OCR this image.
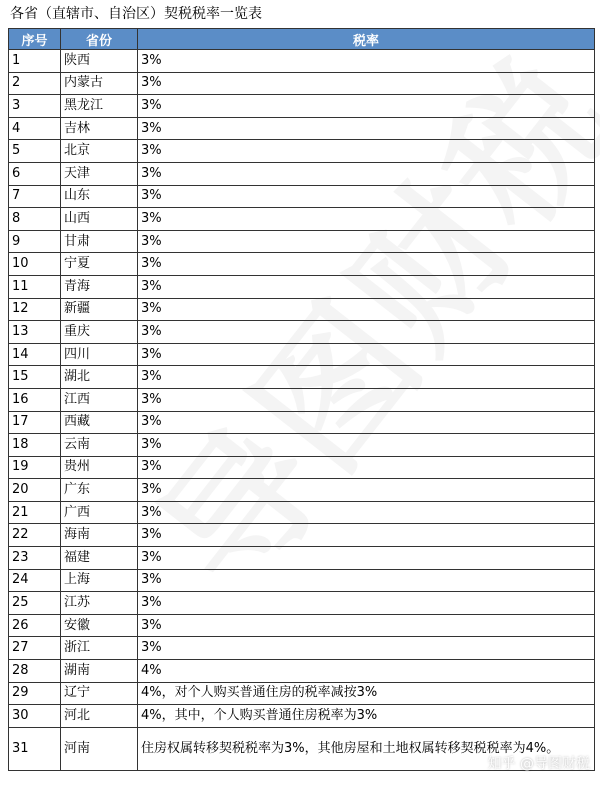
各省（直辖市、自治区）契税税率一览表
序号	省份	税率
1	陕西	3%
2	内蒙古	3%
3	黑龙江	3%
4	吉林	3%
5	北京	3%
6	天津	3%
7	山东	3%
8	山西	3%
9	甘肃	3%
10	宁夏	3%
11	青海	3%
12	新疆	3%
13	重庆	3%
14	四川	3%
15	湖北	3%
16	江西	3%
17	西藏	3%
18	云南	3%
19	贵州	3%
20	广东	3%
21	广西	3%
22	海南	3%
23	福建	3%
24	上海	3%
25	江苏	3%
26	安徽	3%
27	浙江	3%
28	湖南	4%
29	辽宁	4%，对个人购买普通住房的税率减按3%
30	河北	4%，其中，个人购买普通住房税率为3%
31	河南	住房权属转移契税税率为3%，其他房屋和土地权属转移契税税率为4%。
知乎 @导图财税
